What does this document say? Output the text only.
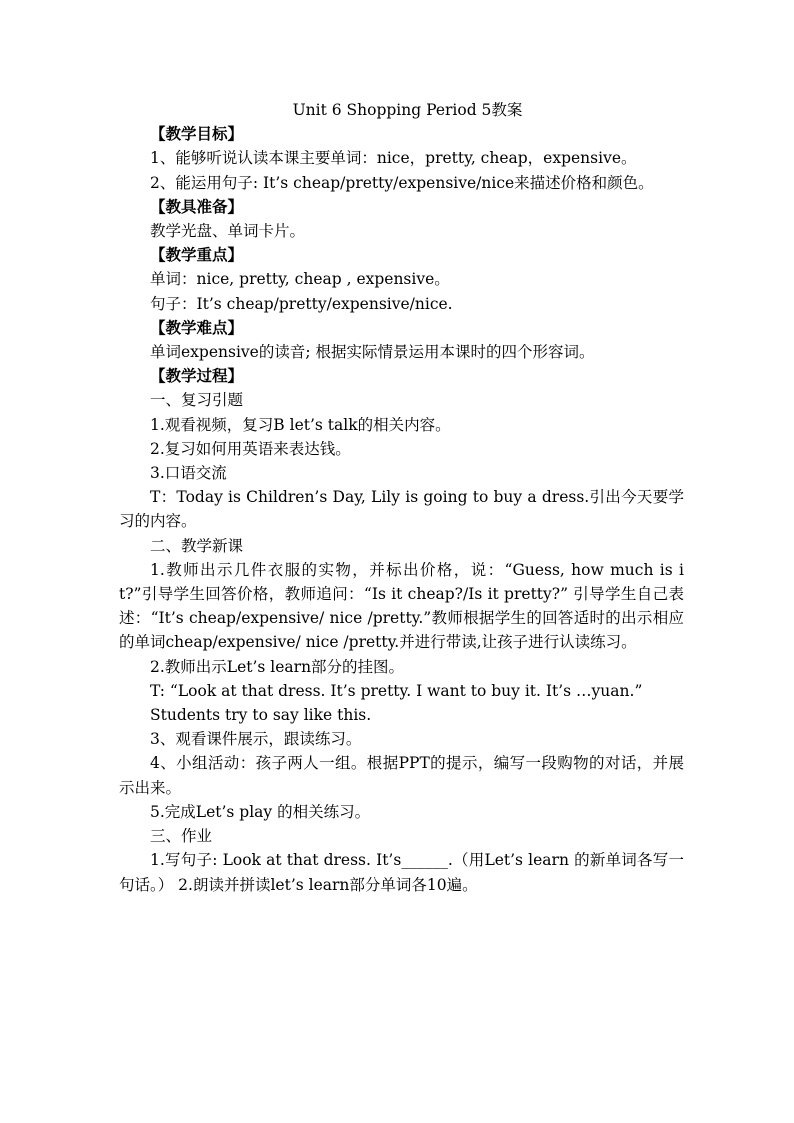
Unit 6 Shopping Period 5教案

【教学目标】

1、能够听说认读本课主要单词：nice，pretty, cheap，expensive。

2、能运用句子: It’s cheap/pretty/expensive/nice来描述价格和颜色。

【教具准备】

教学光盘、单词卡片。

【教学重点】

单词：nice, pretty, cheap , expensive。

句子：It’s cheap/pretty/expensive/nice.

【教学难点】

单词expensive的读音; 根据实际情景运用本课时的四个形容词。

【教学过程】

一、复习引题

1.观看视频，复习B let’s talk的相关内容。

2.复习如何用英语来表达钱。

3.口语交流

T：Today is Children’s Day, Lily is going to buy a dress.引出今天要学习的内容。

二、教学新课

1.教师出示几件衣服的实物，并标出价格，说：“Guess, how much is it?”引导学生回答价格，教师追问：“Is it cheap?/Is it pretty?” 引导学生自己表述：“It’s cheap/expensive/ nice /pretty.”教师根据学生的回答适时的出示相应的单词cheap/expensive/ nice /pretty.并进行带读,让孩子进行认读练习。

2.教师出示Let’s learn部分的挂图。

T: “Look at that dress. It’s pretty. I want to buy it. It’s …yuan.”

Students try to say like this.

3、观看课件展示，跟读练习。

4、小组活动：孩子两人一组。根据PPT的提示，编写一段购物的对话，并展示出来。

5.完成Let’s play 的相关练习。

三、作业

1.写句子: Look at that dress. It’s______.（用Let’s learn 的新单词各写一句话。） 2.朗读并拼读let’s learn部分单词各10遍。
